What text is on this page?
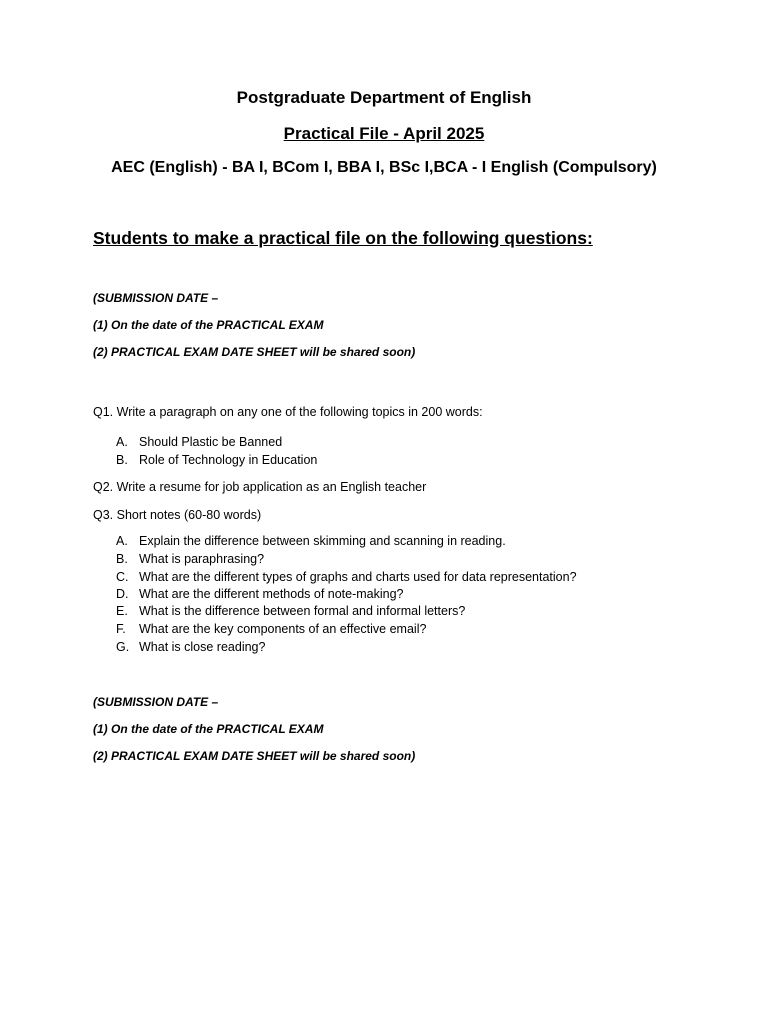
Postgraduate Department of English
Practical File - April 2025
AEC (English) - BA I, BCom I, BBA I, BSc I,BCA - I English (Compulsory)
Students to make a practical file on the following questions:
(SUBMISSION DATE –
(1) On the date of the PRACTICAL EXAM
(2) PRACTICAL EXAM DATE SHEET will be shared soon)
Q1. Write a paragraph on any one of the following topics in 200 words:
A. Should Plastic be Banned
B. Role of Technology in Education
Q2. Write a resume for job application as an English teacher
Q3. Short notes (60-80 words)
A. Explain the difference between skimming and scanning in reading.
B. What is paraphrasing?
C. What are the different types of graphs and charts used for data representation?
D. What are the different methods of note-making?
E. What is the difference between formal and informal letters?
F. What are the key components of an effective email?
G. What is close reading?
(SUBMISSION DATE –
(1) On the date of the PRACTICAL EXAM
(2) PRACTICAL EXAM DATE SHEET will be shared soon)
